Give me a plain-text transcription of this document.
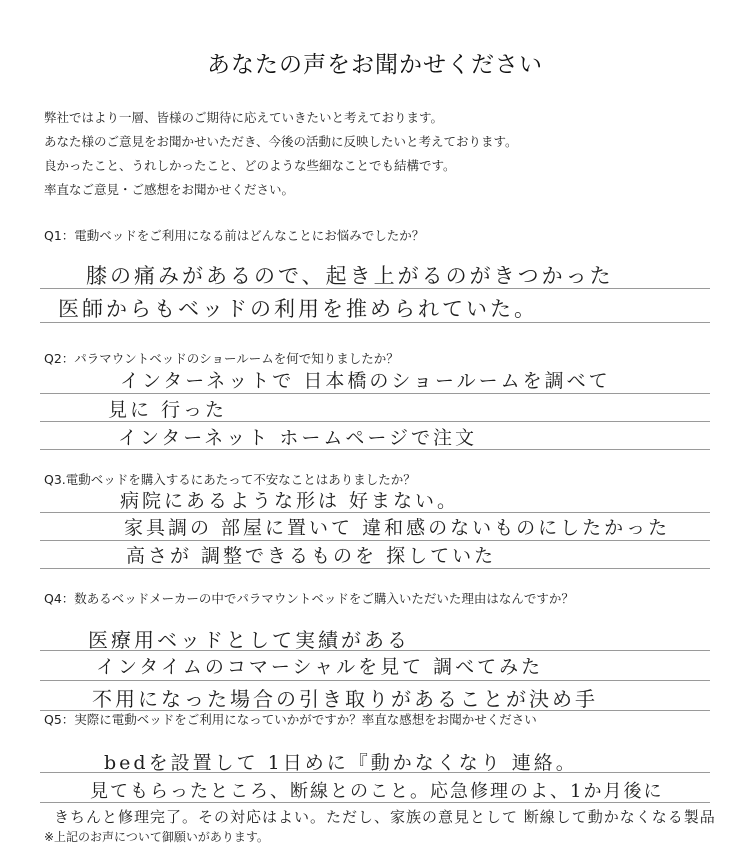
あなたの声をお聞かせください
弊社ではより一層、皆様のご期待に応えていきたいと考えております。
あなた様のご意見をお聞かせいただき、今後の活動に反映したいと考えております。
良かったこと、うれしかったこと、どのような些細なことでも結構です。
率直なご意見・ご感想をお聞かせください。
Q1：電動ベッドをご利用になる前はどんなことにお悩みでしたか？
膝の痛みがあるので、起き上がるのがきつかった
医師からもベッドの利用を推められていた。
Q2：パラマウントベッドのショールームを何で知りましたか？
インターネットで 日本橋のショールームを調べて
見に 行った
インターネット ホームページで注文
Q3.電動ベッドを購入するにあたって不安なことはありましたか？
病院にあるような形は 好まない。
家具調の 部屋に置いて 違和感のないものにしたかった
高さが 調整できるものを 探していた
Q4：数あるベッドメーカーの中でパラマウントベッドをご購入いただいた理由はなんですか？
医療用ベッドとして実績がある
インタイムのコマーシャルを見て 調べてみた
不用になった場合の引き取りがあることが決め手
Q5：実際に電動ベッドをご利用になっていかがですか？率直な感想をお聞かせください
bedを設置して 1日めに『動かなくなり 連絡。
見てもらったところ、断線とのこと。応急修理のよ、1か月後に
きちんと修理完了。その対応はよい。ただし、家族の意見として 断線して動かなくなる製品
※上記のお声について御願いがあります。
